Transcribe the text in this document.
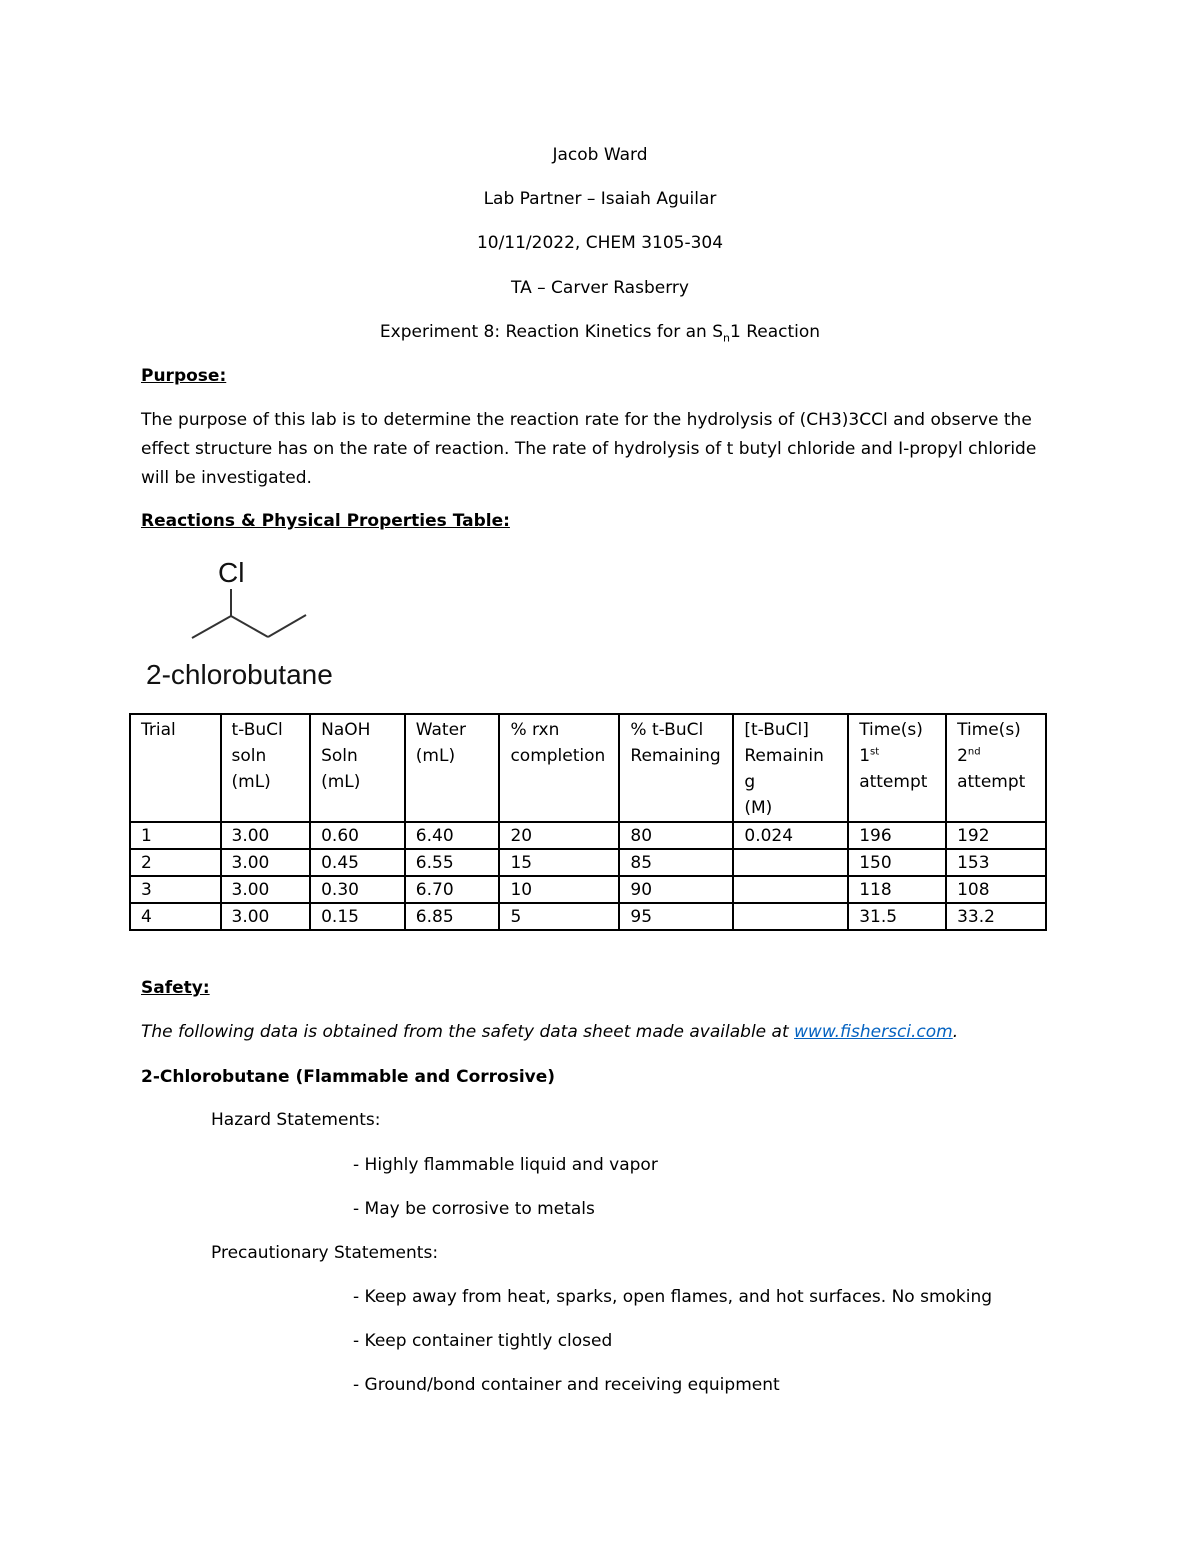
Jacob Ward
Lab Partner – Isaiah Aguilar
10/11/2022, CHEM 3105-304
TA – Carver Rasberry
Experiment 8: Reaction Kinetics for an $S_n1$ Reaction
Purpose:
The purpose of this lab is to determine the reaction rate for the hydrolysis of (CH3)3CCl and observe the effect structure has on the rate of reaction. The rate of hydrolysis of t butyl chloride and I-propyl chloride will be investigated.
Reactions & Physical Properties Table:
Cl
2-chlorobutane
Trial	t-BuCl
soln
(mL)	NaOH
Soln
(mL)	Water
(mL)	% rxn
completion	% t-BuCl
Remaining	[t-BuCl]
Remainin
g
(M)	Time(s)
1st
attempt	Time(s)
2nd
attempt
1	3.00	0.60	6.40	20	80	0.024	196	192
2	3.00	0.45	6.55	15	85		150	153
3	3.00	0.30	6.70	10	90		118	108
4	3.00	0.15	6.85	5	95		31.5	33.2
Safety:
The following data is obtained from the safety data sheet made available at www.fishersci.com.
2-Chlorobutane (Flammable and Corrosive)
Hazard Statements:
- Highly flammable liquid and vapor
- May be corrosive to metals
Precautionary Statements:
- Keep away from heat, sparks, open flames, and hot surfaces. No smoking
- Keep container tightly closed
- Ground/bond container and receiving equipment
